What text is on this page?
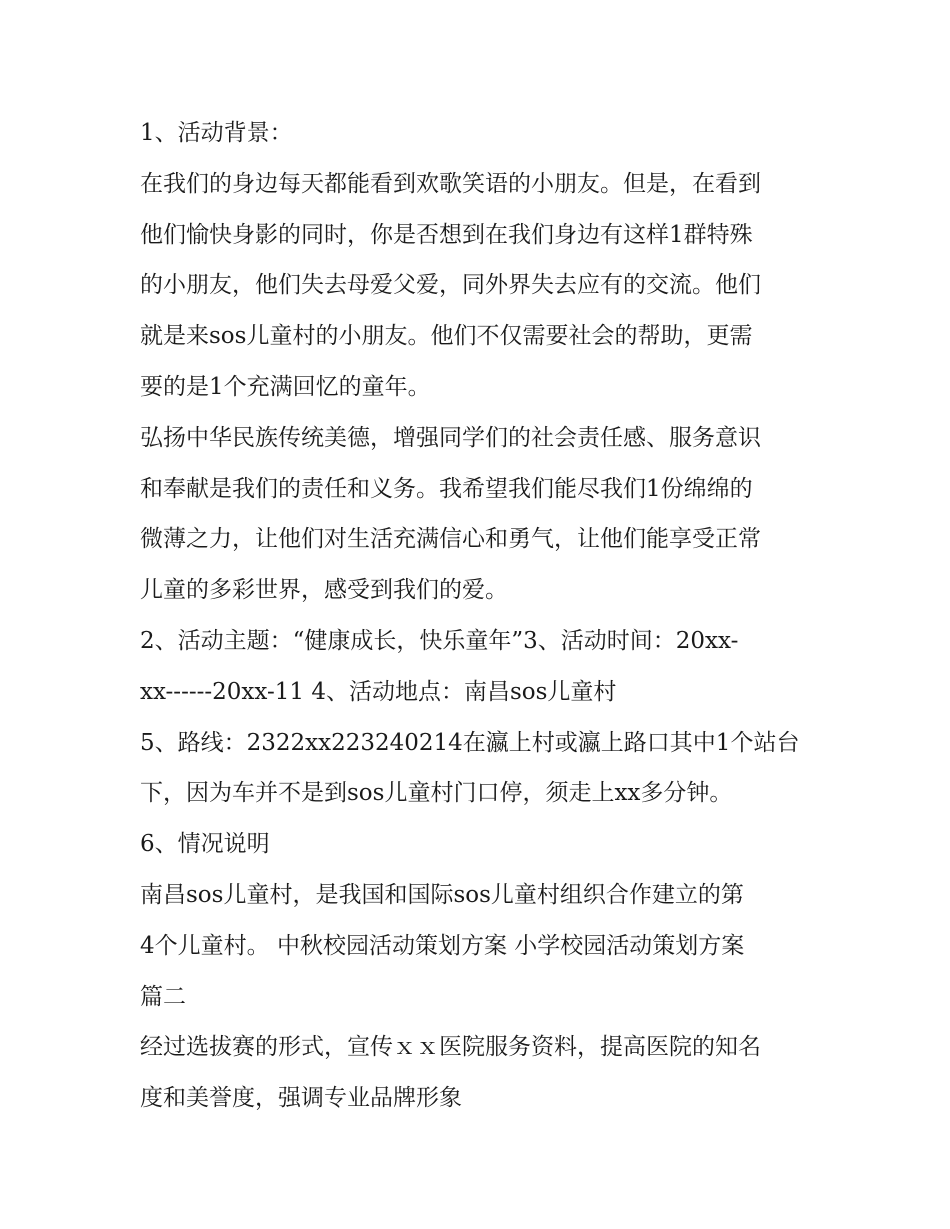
1、活动背景：
在我们的身边每天都能看到欢歌笑语的小朋友。但是，在看到
他们愉快身影的同时，你是否想到在我们身边有这样1群特殊
的小朋友，他们失去母爱父爱，同外界失去应有的交流。他们
就是来sos儿童村的小朋友。他们不仅需要社会的帮助，更需
要的是1个充满回忆的童年。
弘扬中华民族传统美德，增强同学们的社会责任感、服务意识
和奉献是我们的责任和义务。我希望我们能尽我们1份绵绵的
微薄之力，让他们对生活充满信心和勇气，让他们能享受正常
儿童的多彩世界，感受到我们的爱。
2、活动主题：“健康成长，快乐童年”3、活动时间：20xx-
xx------20xx-11 4、活动地点：南昌sos儿童村
5、路线：2322xx223240214在瀛上村或瀛上路口其中1个站台
下，因为车并不是到sos儿童村门口停，须走上xx多分钟。
6、情况说明
南昌sos儿童村，是我国和国际sos儿童村组织合作建立的第
4个儿童村。 中秋校园活动策划方案 小学校园活动策划方案
篇二
经过选拔赛的形式，宣传ｘｘ医院服务资料，提高医院的知名
度和美誉度，强调专业品牌形象
